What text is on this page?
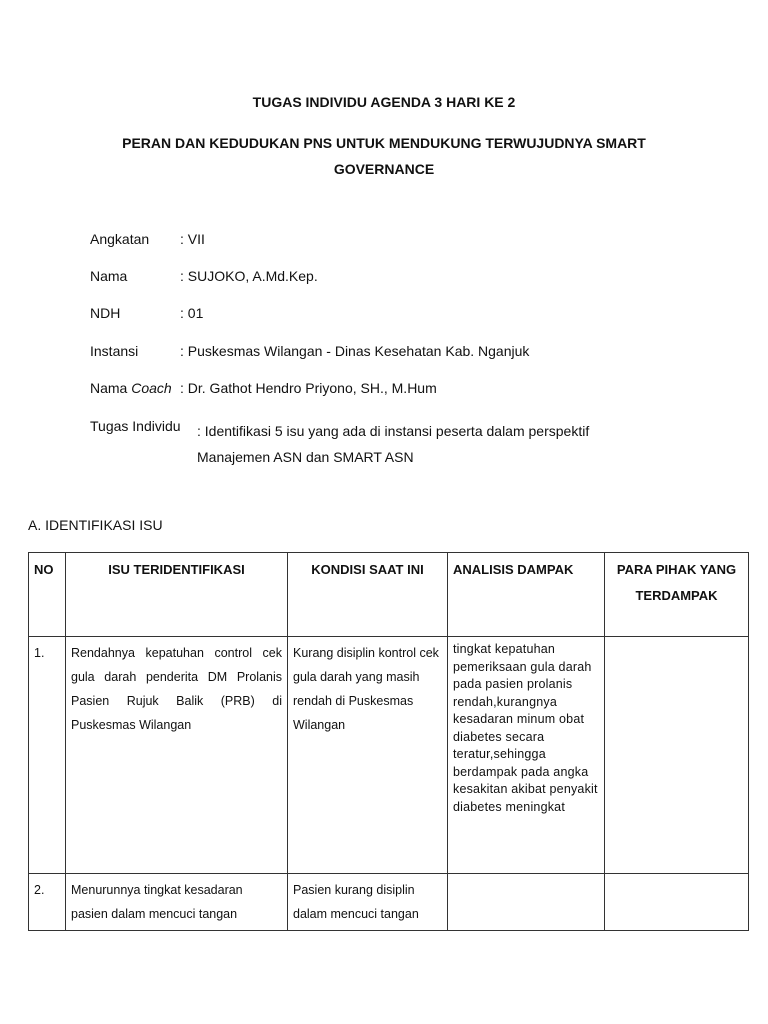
TUGAS INDIVIDU AGENDA 3 HARI KE 2
PERAN DAN KEDUDUKAN PNS UNTUK MENDUKUNG TERWUJUDNYA SMART GOVERNANCE
Angkatan : VII
Nama	: SUJOKO, A.Md.Kep.
NDH	: 01
Instansi	: Puskesmas Wilangan - Dinas Kesehatan Kab. Nganjuk
Nama Coach : Dr. Gathot Hendro Priyono, SH., M.Hum
Tugas Individu : Identifikasi 5 isu yang ada di instansi peserta dalam perspektif Manajemen ASN dan SMART ASN
A. IDENTIFIKASI ISU
NO	ISU TERIDENTIFIKASI	KONDISI SAAT INI	ANALISIS DAMPAK	PARA PIHAK YANG TERDAMPAK
1.	Rendahnya kepatuhan control cek gula darah penderita DM Prolanis Pasien Rujuk Balik (PRB) di Puskesmas Wilangan	Kurang disiplin kontrol cek gula darah yang masih rendah di Puskesmas Wilangan	tingkat kepatuhan pemeriksaan gula darah pada pasien prolanis rendah,kurangnya kesadaran minum obat diabetes secara teratur,sehingga berdampak pada angka kesakitan akibat penyakit diabetes meningkat	
2.	Menurunnya tingkat kesadaran pasien dalam mencuci tangan	Pasien kurang disiplin dalam mencuci tangan		
